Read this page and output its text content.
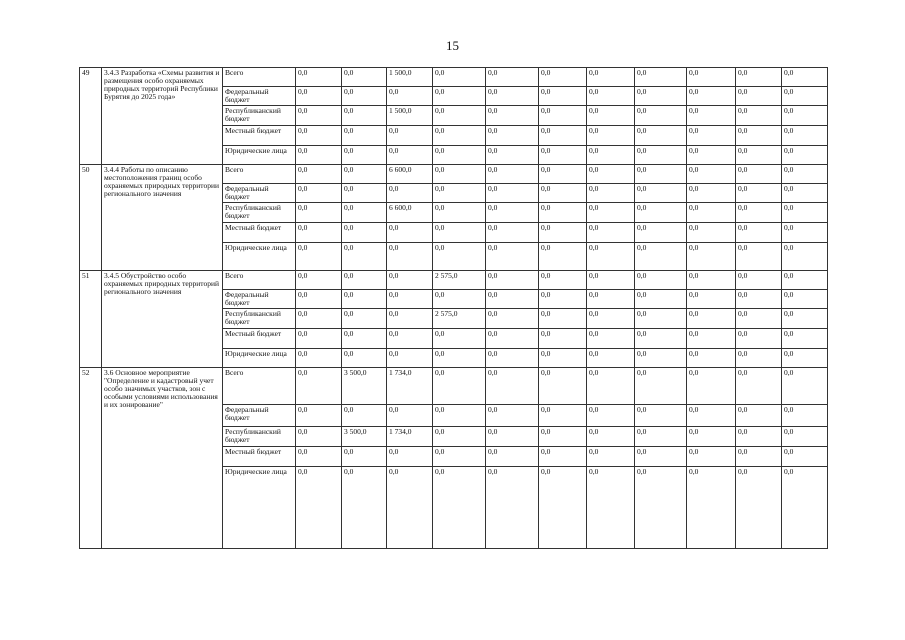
15
49	3.4.3 Разработка «Схемы развития и размещения особо охраняемых природных территорий Республики Бурятия до 2025 года»	Всего	0,0	0,0	1 500,0	0,0	0,0	0,0	0,0	0,0	0,0	0,0	0,0
		Федеральный бюджет	0,0	0,0	0,0	0,0	0,0	0,0	0,0	0,0	0,0	0,0	0,0
		Республиканский бюджет	0,0	0,0	1 500,0	0,0	0,0	0,0	0,0	0,0	0,0	0,0	0,0
		Местный бюджет	0,0	0,0	0,0	0,0	0,0	0,0	0,0	0,0	0,0	0,0	0,0
		Юридические лица	0,0	0,0	0,0	0,0	0,0	0,0	0,0	0,0	0,0	0,0	0,0
50	3.4.4 Работы по описанию местоположения границ особо охраняемых природных территории регионального значения	Всего	0,0	0,0	6 600,0	0,0	0,0	0,0	0,0	0,0	0,0	0,0	0,0
		Федеральный бюджет	0,0	0,0	0,0	0,0	0,0	0,0	0,0	0,0	0,0	0,0	0,0
		Республиканский бюджет	0,0	0,0	6 600,0	0,0	0,0	0,0	0,0	0,0	0,0	0,0	0,0
		Местный бюджет	0,0	0,0	0,0	0,0	0,0	0,0	0,0	0,0	0,0	0,0	0,0
		Юридические лица	0,0	0,0	0,0	0,0	0,0	0,0	0,0	0,0	0,0	0,0	0,0
51	3.4.5 Обустройство особо охраняемых природных территорий регионального значения	Всего	0,0	0,0	0,0	2 575,0	0,0	0,0	0,0	0,0	0,0	0,0	0,0
		Федеральный бюджет	0,0	0,0	0,0	0,0	0,0	0,0	0,0	0,0	0,0	0,0	0,0
		Республиканский бюджет	0,0	0,0	0,0	2 575,0	0,0	0,0	0,0	0,0	0,0	0,0	0,0
		Местный бюджет	0,0	0,0	0,0	0,0	0,0	0,0	0,0	0,0	0,0	0,0	0,0
		Юридические лица	0,0	0,0	0,0	0,0	0,0	0,0	0,0	0,0	0,0	0,0	0,0
52	3.6 Основное мероприятие "Определение и кадастровый учет особо значимых участков, зон с особыми условиями использования и их зонирование"	Всего	0,0	3 500,0	1 734,0	0,0	0,0	0,0	0,0	0,0	0,0	0,0	0,0
		Федеральный бюджет	0,0	0,0	0,0	0,0	0,0	0,0	0,0	0,0	0,0	0,0	0,0
		Республиканский бюджет	0,0	3 500,0	1 734,0	0,0	0,0	0,0	0,0	0,0	0,0	0,0	0,0
		Местный бюджет	0,0	0,0	0,0	0,0	0,0	0,0	0,0	0,0	0,0	0,0	0,0
		Юридические лица	0,0	0,0	0,0	0,0	0,0	0,0	0,0	0,0	0,0	0,0	0,0
